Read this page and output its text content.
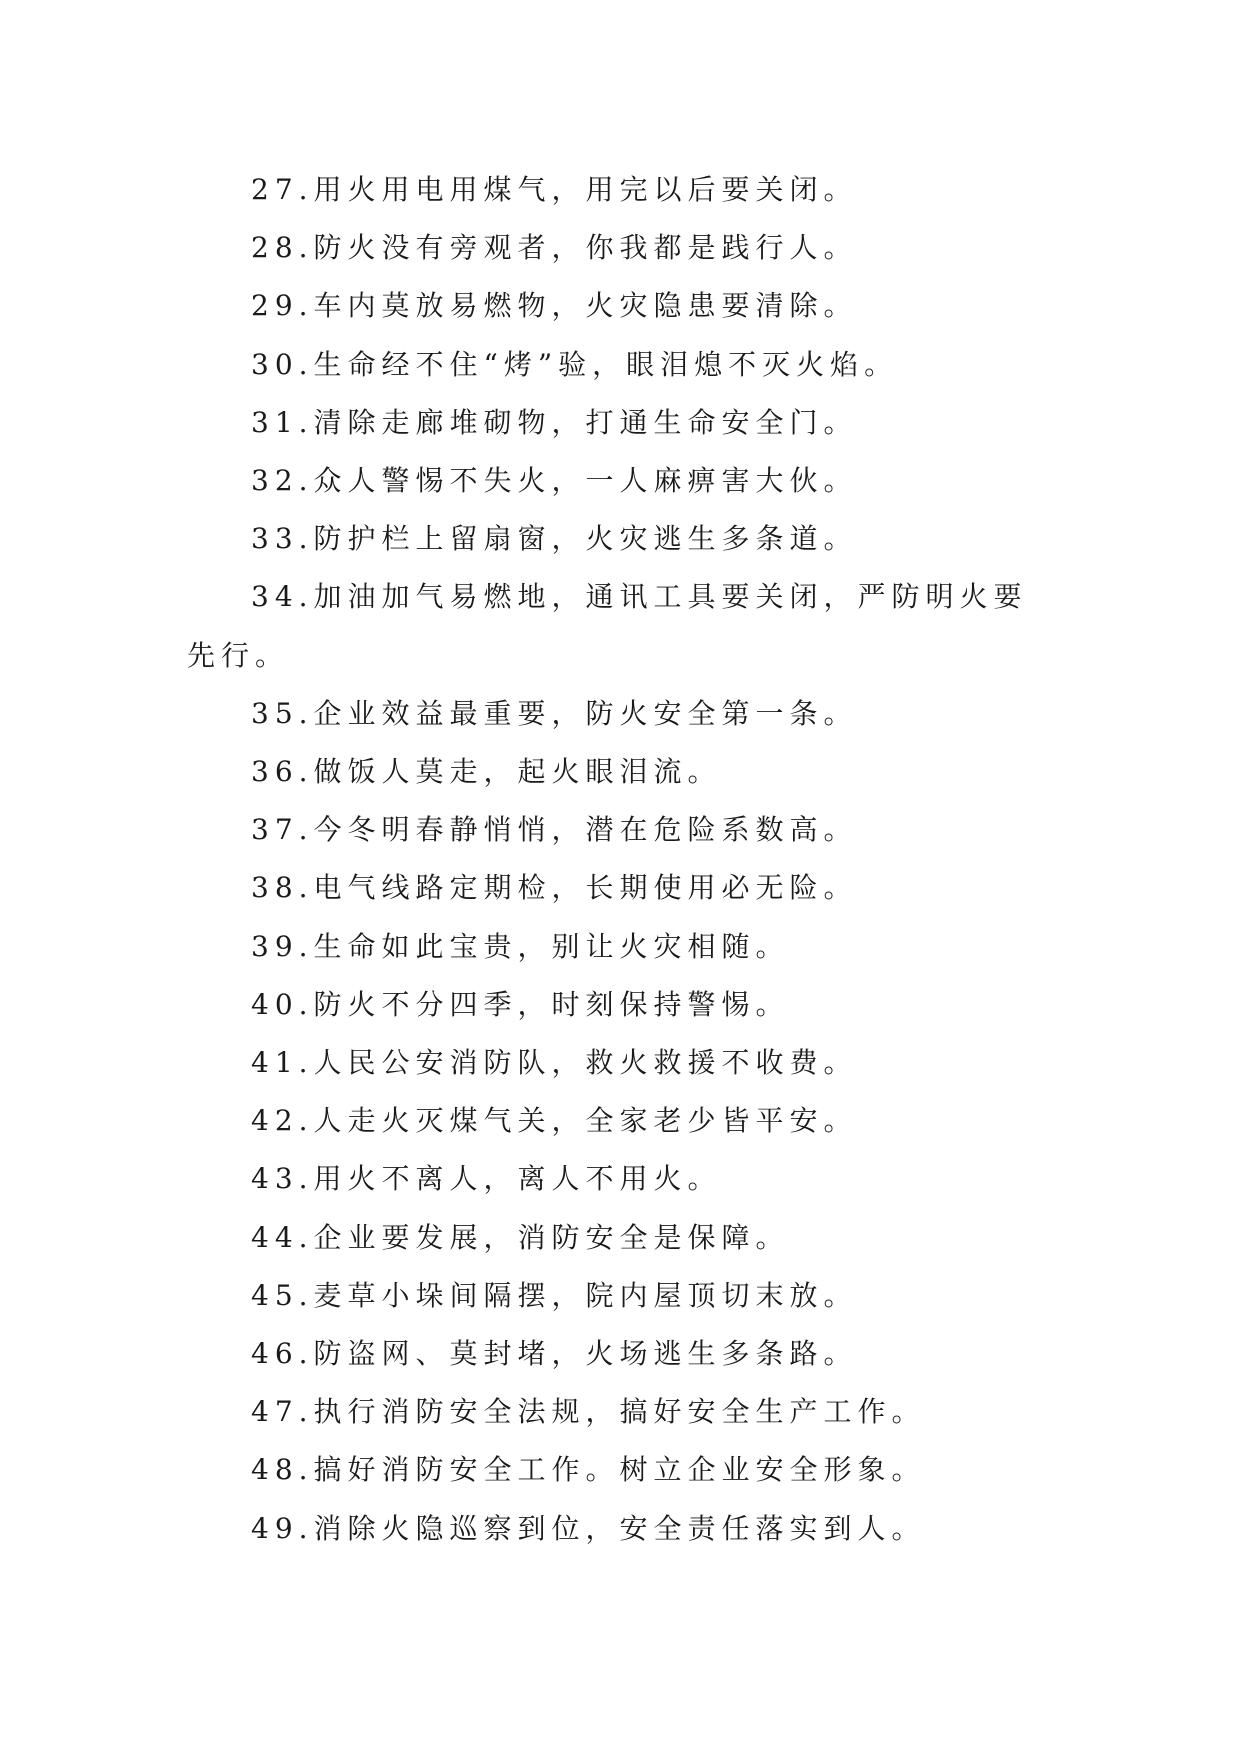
27.用火用电用煤气，用完以后要关闭。

28.防火没有旁观者，你我都是践行人。

29.车内莫放易燃物，火灾隐患要清除。

30.生命经不住“烤”验，眼泪熄不灭火焰。

31.清除走廊堆砌物，打通生命安全门。

32.众人警惕不失火，一人麻痹害大伙。

33.防护栏上留扇窗，火灾逃生多条道。

34.加油加气易燃地，通讯工具要关闭，严防明火要先行。

35.企业效益最重要，防火安全第一条。

36.做饭人莫走，起火眼泪流。

37.今冬明春静悄悄，潜在危险系数高。

38.电气线路定期检，长期使用必无险。

39.生命如此宝贵，别让火灾相随。

40.防火不分四季，时刻保持警惕。

41.人民公安消防队，救火救援不收费。

42.人走火灭煤气关，全家老少皆平安。

43.用火不离人，离人不用火。

44.企业要发展，消防安全是保障。

45.麦草小垛间隔摆，院内屋顶切末放。

46.防盗网、莫封堵，火场逃生多条路。

47.执行消防安全法规，搞好安全生产工作。

48.搞好消防安全工作。树立企业安全形象。

49.消除火隐巡察到位，安全责任落实到人。
